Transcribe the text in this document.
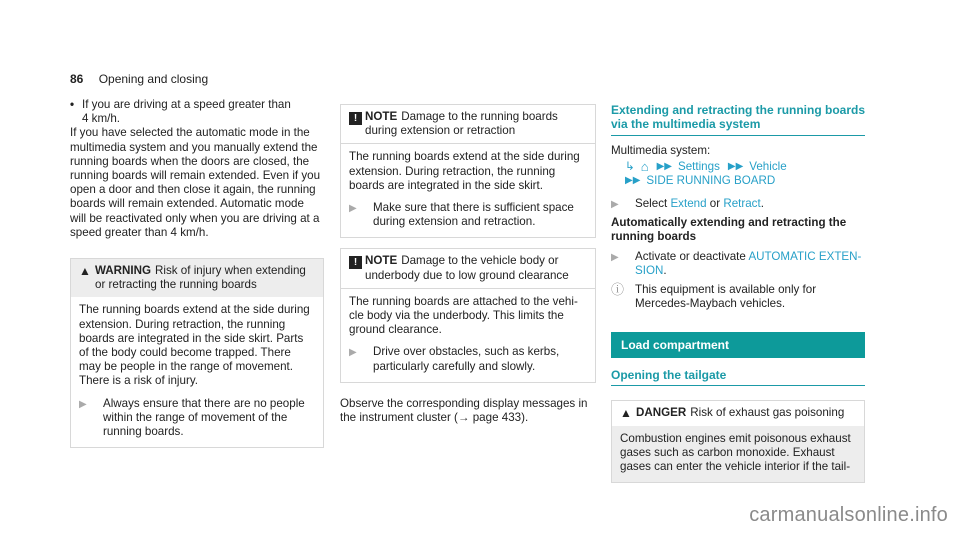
86 Opening and closing
• If you are driving at a speed greater than
4 km/h.
If you have selected the automatic mode in the
multimedia system and you manually extend the
running boards when the doors are closed, the
running boards will remain extended. Even if you
open a door and then close it again, the running
boards will remain extended. Automatic mode
will be reactivated only when you are driving at a
speed greater than 4 km/h.
▲ WARNING Risk of injury when extending
or retracting the running boards
The running boards extend at the side during
extension. During retraction, the running
boards are integrated in the side skirt. Parts
of the body could become trapped. There
may be people in the range of movement.
There is a risk of injury.
▶	Always ensure that there are no people
within the range of movement of the
running boards.
! NOTE Damage to the running boards
during extension or retraction
The running boards extend at the side during
extension. During retraction, the running
boards are integrated in the side skirt.
▶	Make sure that there is sufficient space
during extension and retraction.
! NOTE Damage to the vehicle body or
underbody due to low ground clearance
The running boards are attached to the vehi-
cle body via the underbody. This limits the
ground clearance.
▶	Drive over obstacles, such as kerbs,
particularly carefully and slowly.
Observe the corresponding display messages in
the instrument cluster (→ page 433).
Extending and retracting the running boards
via the multimedia system
Multimedia system:
↳ ⌂ ▶▶ Settings ▶▶ Vehicle
▶▶ SIDE RUNNING BOARD
▶	Select Extend or Retract.
Automatically extending and retracting the
running boards
▶	Activate or deactivate AUTOMATIC EXTEN-
SION.
ⓘ This equipment is available only for
Mercedes-Maybach vehicles.
Load compartment
Opening the tailgate
▲ DANGER Risk of exhaust gas poisoning
Combustion engines emit poisonous exhaust
gases such as carbon monoxide. Exhaust
gases can enter the vehicle interior if the tail-
carmanualsonline.info
